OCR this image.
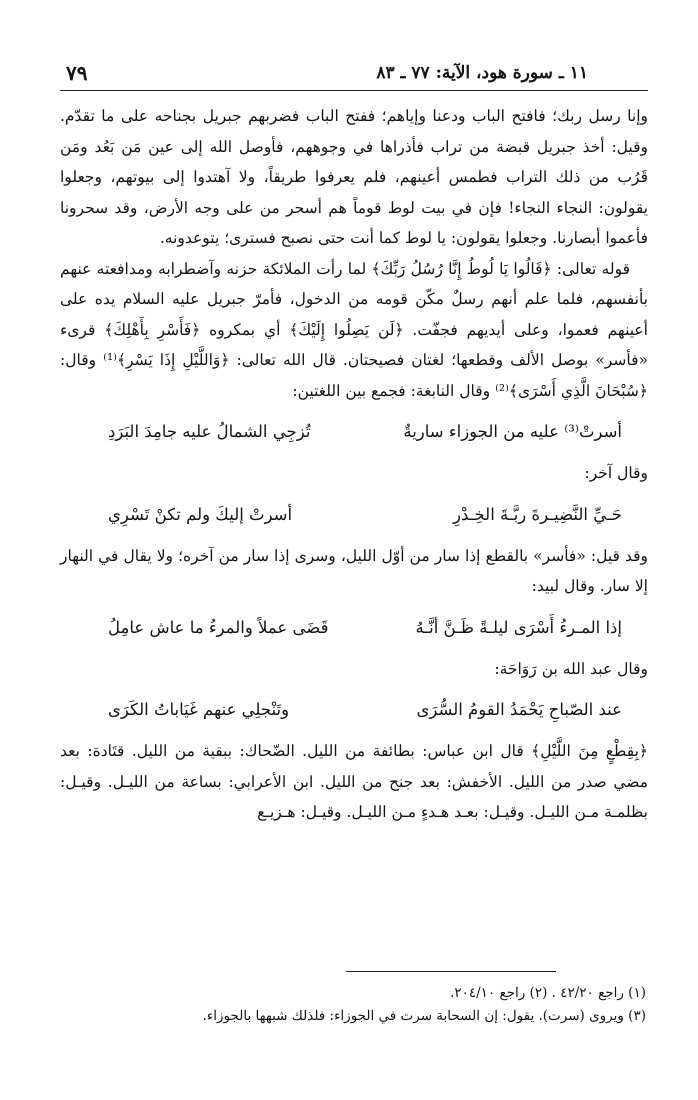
١١ ـ سورة هود، الآية: ٧٧ ـ ٨٣
٧٩

وإنا رسل ربك؛ فافتح الباب ودعنا وإياهم؛ ففتح الباب فضربهم جبريل بجناحه على ما تقدّم. وقيل: أخذ جبريل قبضة من تراب فأذراها في وجوههم، فأوصل الله إلى عين مَن بَعُد ومَن قَرُب من ذلك التراب فطمس أعينهم، فلم يعرفوا طريقاً، ولا آهتدوا إلى بيوتهم، وجعلوا يقولون: النجاء النجاء! فإن في بيت لوط قوماً هم أسحر من على وجه الأرض، وقد سحرونا فأعموا أبصارنا. وجعلوا يقولون: يا لوط كما أنت حتى نصبح فسترى؛ يتوعدونه.

قوله تعالى: ﴿قَالُوا يَا لُوطُ إِنَّا رُسُلُ رَبِّكَ﴾ لما رأت الملائكة حزنه وآضطرابه ومدافعته عنهم بأنفسهم، فلما علم أنهم رسلٌ مكّن قومه من الدخول، فأمرّ جبريل عليه السلام يده على أعينهم فعموا، وعلى أيديهم فجفّت. ﴿لَن يَصِلُوا إِلَيْكَ﴾ أي بمكروه ﴿فَأَسْرِ بِأَهْلِكَ﴾ قرىء «فأسر» بوصل الألف وقطعها؛ لغتان فصيحتان. قال الله تعالى: ﴿وَاللَّيْلِ إِذَا يَسْرِ﴾⁽¹⁾ وقال: ﴿سُبْحَانَ الَّذِي أَسْرَى﴾⁽²⁾ وقال النابغة: فجمع بين اللغتين:

أسرتْ⁽³⁾ عليه من الجوزاء ساريةٌ
تُزجِي الشمالُ عليه جامِدَ البَرَدِ

وقال آخر:

حَـيِّ النَّضِيـرةَ ربَّـةَ الخِـدْرِ
أسرتْ إليكَ ولم تكنْ تَسْرِي

وقد قيل: «فأسر» بالقطع إذا سار من أوّل الليل، وسرى إذا سار من آخره؛ ولا يقال في النهار إلا سار. وقال لبيد:

إذا المـرءُ أَسْرَى ليلـةً ظَـنَّ أنَّـهُ
قَضَى عملاً والمرءُ ما عاش عامِلُ

وقال عبد الله بن رَوَاحَة:

عند الصّباحِ يَحْمَدُ القومُ السُّرَى
وتَنْجلِي عنهم غَيَاباتُ الكَرَى

﴿بِقِطْعٍ مِنَ اللَّيْلِ﴾ قال ابن عباس: بطائفة من الليل. الضّحاك: ببقية من الليل. قتَادة: بعد مضي صدر من الليل. الأخفش: بعد جنح من الليل. ابن الأعرابي: بساعة من الليـل. وقيـل: بظلمـة مـن الليـل. وقيـل: بعـد هـدءٍ مـن الليـل. وقيـل: هـزيـع

(١) راجع ٤٢/٢٠ . (٢) راجع ٢٠٤/١٠.

(٣) ويروى (سرت). يقول: إن السحابة سرت في الجوزاء: فلذلك شبهها بالجوزاء.
